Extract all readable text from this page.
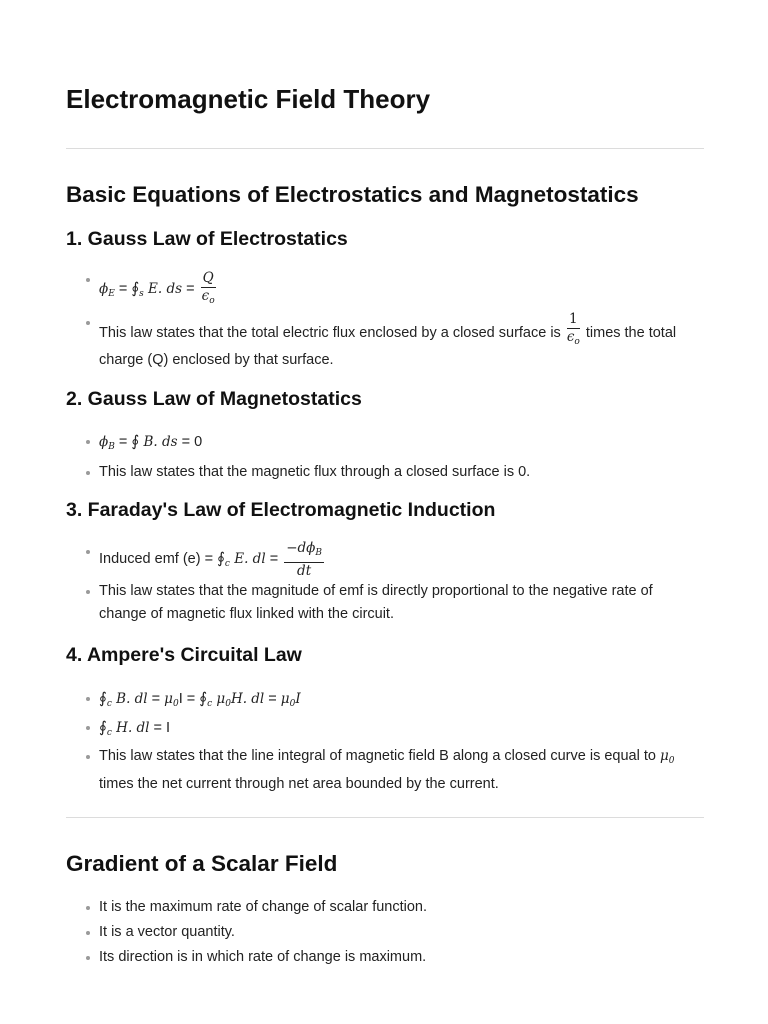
Electromagnetic Field Theory
Basic Equations of Electrostatics and Magnetostatics
1. Gauss Law of Electrostatics
$\phi_E$ = $∮_s$ E. ds = $\frac{Q}{\epsilon_o}$
This law states that the total electric flux enclosed by a closed surface is $\frac{1}{\epsilon_o}$ times the total charge (Q) enclosed by that surface.
2. Gauss Law of Magnetostatics
$\phi_B$ = ∮ B. ds = 0
This law states that the magnetic flux through a closed surface is 0.
3. Faraday's Law of Electromagnetic Induction
Induced emf $(e) = ∮_c$ E. dl = $\frac{-d\phi_B}{dt}$
This law states that the magnitude of emf is directly proportional to the negative rate of change of magnetic flux linked with the circuit.
4. Ampere's Circuital Law
$∮_c$ B. dl = $\mu_0I$ = $∮_c$ $\mu_0H$. dl = $\mu_0I$
$∮_c$ H. dl = I
This law states that the line integral of magnetic field B along a closed curve is equal to $\mu_0$ times the net current through net area bounded by the current.
Gradient of a Scalar Field
It is the maximum rate of change of scalar function.
It is a vector quantity.
Its direction is in which rate of change is maximum.
